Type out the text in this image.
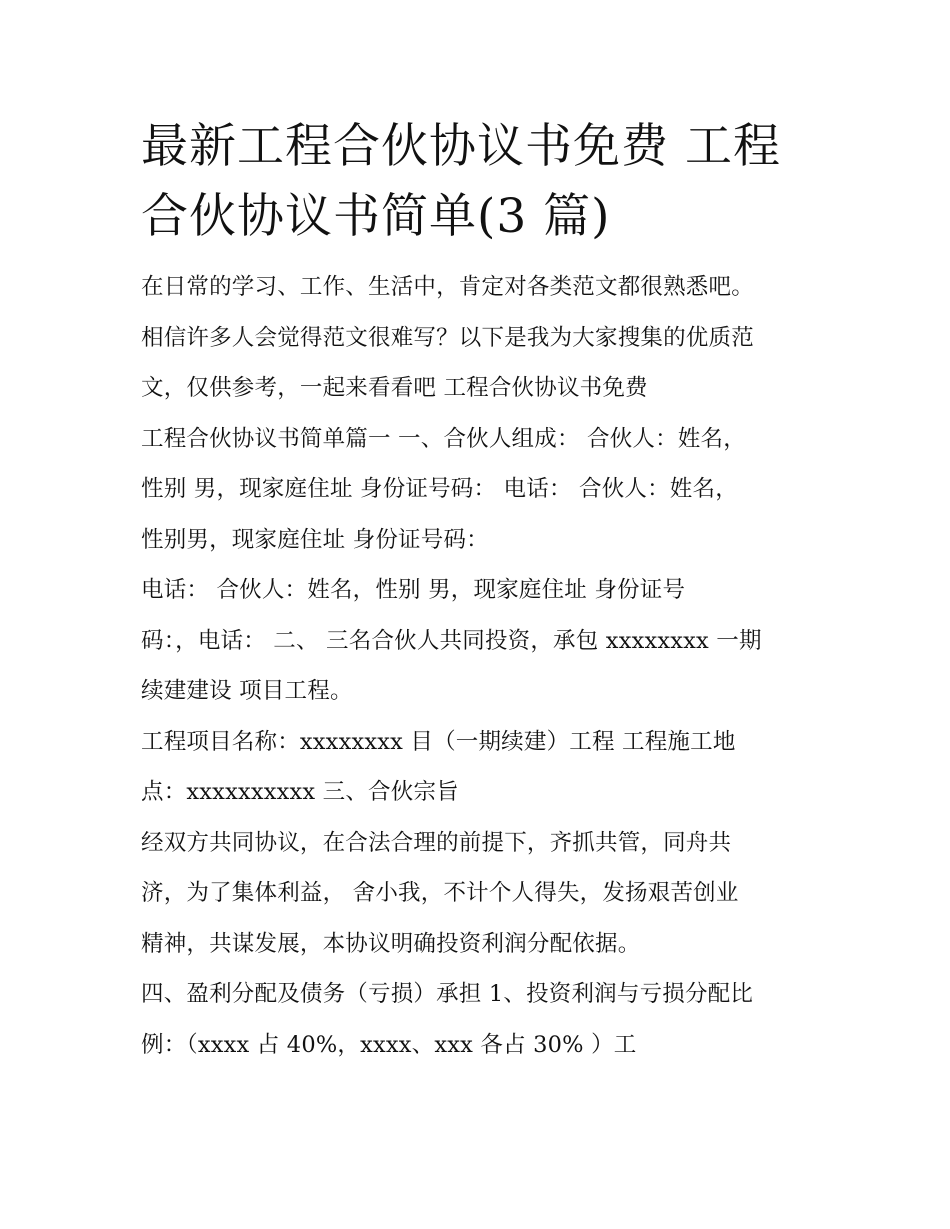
最新工程合伙协议书免费 工程
合伙协议书简单(3 篇)

在日常的学习、工作、生活中，肯定对各类范文都很熟悉吧。

相信许多人会觉得范文很难写？以下是我为大家搜集的优质范

文，仅供参考，一起来看看吧 工程合伙协议书免费

工程合伙协议书简单篇一 一、合伙人组成： 合伙人：姓名，

性别 男，现家庭住址 身份证号码： 电话： 合伙人：姓名，

性别男，现家庭住址 身份证号码：

电话： 合伙人：姓名，性别 男，现家庭住址 身份证号

码：，电话： 二、 三名合伙人共同投资，承包 xxxxxxxx 一期

续建建设 项目工程。

工程项目名称：xxxxxxxx 目（一期续建）工程 工程施工地

点：xxxxxxxxxx 三、合伙宗旨

经双方共同协议，在合法合理的前提下，齐抓共管，同舟共

济，为了集体利益， 舍小我，不计个人得失，发扬艰苦创业

精神，共谋发展，本协议明确投资利润分配依据。

四、盈利分配及债务（亏损）承担 1、投资利润与亏损分配比

例：（xxxx 占 40%，xxxx、xxx 各占 30% ）工
